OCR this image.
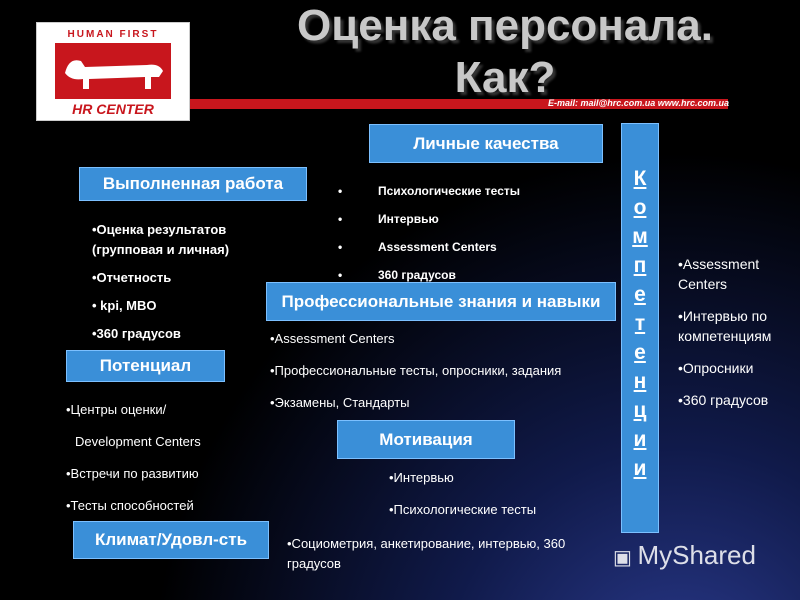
HUMAN FIRST
HR CENTER	E-mail: mail@hrc.com.ua www.hrc.com.ua
Оценка персонала.
Как?
Выполненная работа
•Оценка результатов (групповая и личная)
•Отчетность
• kpi, MBO
•360 градусов
Потенциал
•Центры оценки/
Development Centers
•Встречи по развитию
•Тесты способностей
Климат/Удовл-сть	•Социометрия, анкетирование, интервью, 360 градусов
Личные качества
•	Психологические тесты
•	Интервью
•	Assessment Centers
•	360 градусов
Профессиональные знания и навыки
•Assessment Centers
•Профессиональные тесты, опросники, задания
•Экзамены, Стандарты
Мотивация
•Интервью
•Психологические тесты
К
о
м
п
е
т
е
н
ц
и
и
•Assessment Centers
•Интервью по компетенциям
•Опросники
•360 градусов
▣ MyShared
